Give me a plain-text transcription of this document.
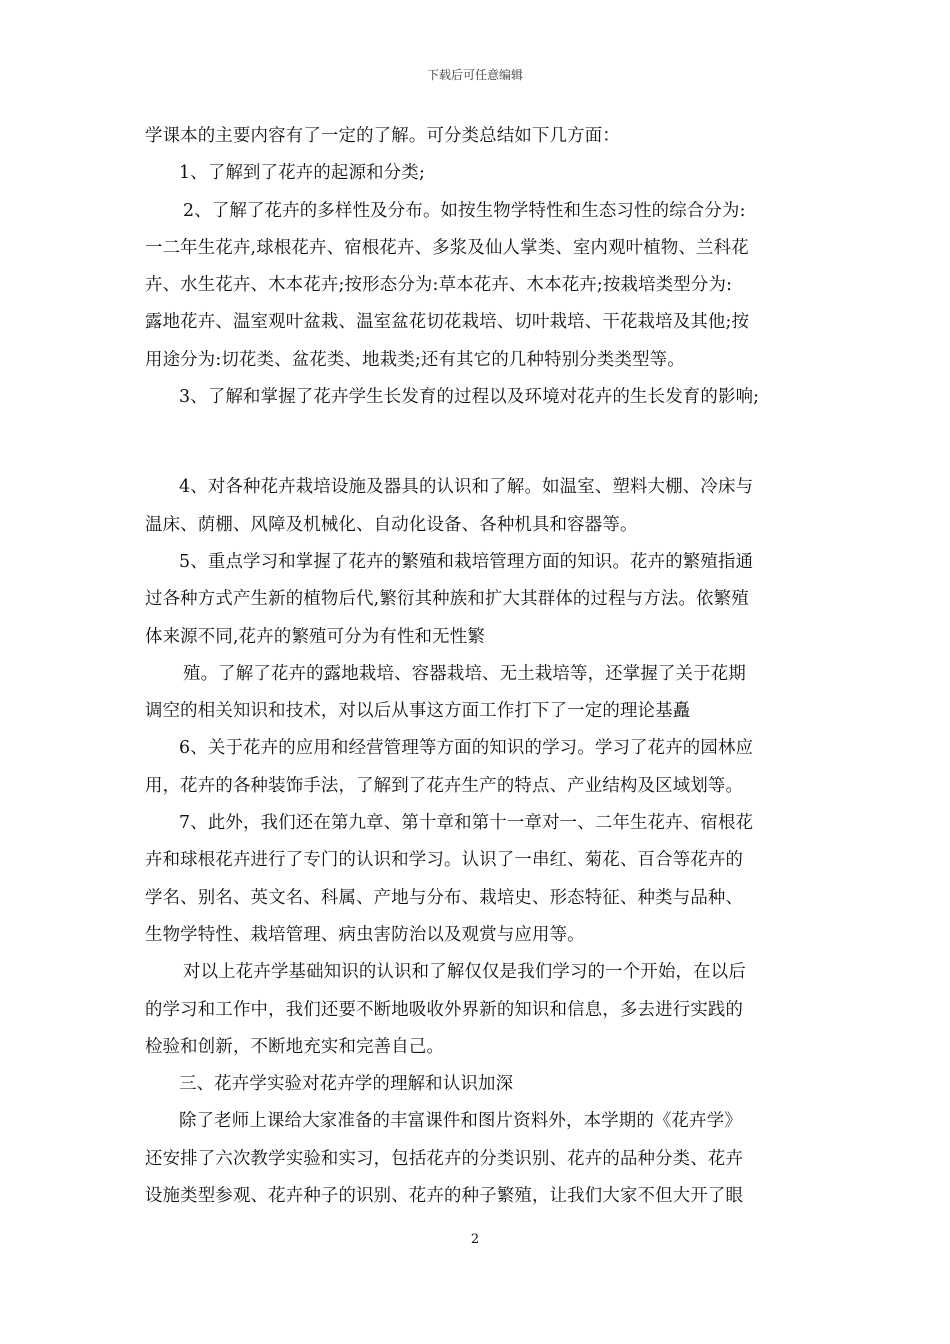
下载后可任意编辑
学课本的主要内容有了一定的了解。可分类总结如下几方面：
1、了解到了花卉的起源和分类;
2、了解了花卉的多样性及分布。如按生物学特性和生态习性的综合分为:
一二年生花卉,球根花卉、宿根花卉、多浆及仙人掌类、室内观叶植物、兰科花
卉、水生花卉、木本花卉;按形态分为:草本花卉、木本花卉;按栽培类型分为:
露地花卉、温室观叶盆栽、温室盆花切花栽培、切叶栽培、干花栽培及其他;按
用途分为:切花类、盆花类、地栽类;还有其它的几种特别分类类型等。
3、了解和掌握了花卉学生长发育的过程以及环境对花卉的生长发育的影响;
4、对各种花卉栽培设施及器具的认识和了解。如温室、塑料大棚、冷床与
温床、荫棚、风障及机械化、自动化设备、各种机具和容器等。
5、重点学习和掌握了花卉的繁殖和栽培管理方面的知识。花卉的繁殖指通
过各种方式产生新的植物后代,繁衍其种族和扩大其群体的过程与方法。依繁殖
体来源不同,花卉的繁殖可分为有性和无性繁
殖。了解了花卉的露地栽培、容器栽培、无土栽培等，还掌握了关于花期
调空的相关知识和技术，对以后从事这方面工作打下了一定的理论基矗
6、关于花卉的应用和经营管理等方面的知识的学习。学习了花卉的园林应
用，花卉的各种装饰手法，了解到了花卉生产的特点、产业结构及区域划等。
7、此外，我们还在第九章、第十章和第十一章对一、二年生花卉、宿根花
卉和球根花卉进行了专门的认识和学习。认识了一串红、菊花、百合等花卉的
学名、别名、英文名、科属、产地与分布、栽培史、形态特征、种类与品种、
生物学特性、栽培管理、病虫害防治以及观赏与应用等。
对以上花卉学基础知识的认识和了解仅仅是我们学习的一个开始，在以后
的学习和工作中，我们还要不断地吸收外界新的知识和信息，多去进行实践的
检验和创新，不断地充实和完善自己。
三、花卉学实验对花卉学的理解和认识加深
除了老师上课给大家准备的丰富课件和图片资料外，本学期的《花卉学》
还安排了六次教学实验和实习，包括花卉的分类识别、花卉的品种分类、花卉
设施类型参观、花卉种子的识别、花卉的种子繁殖，让我们大家不但大开了眼
2
